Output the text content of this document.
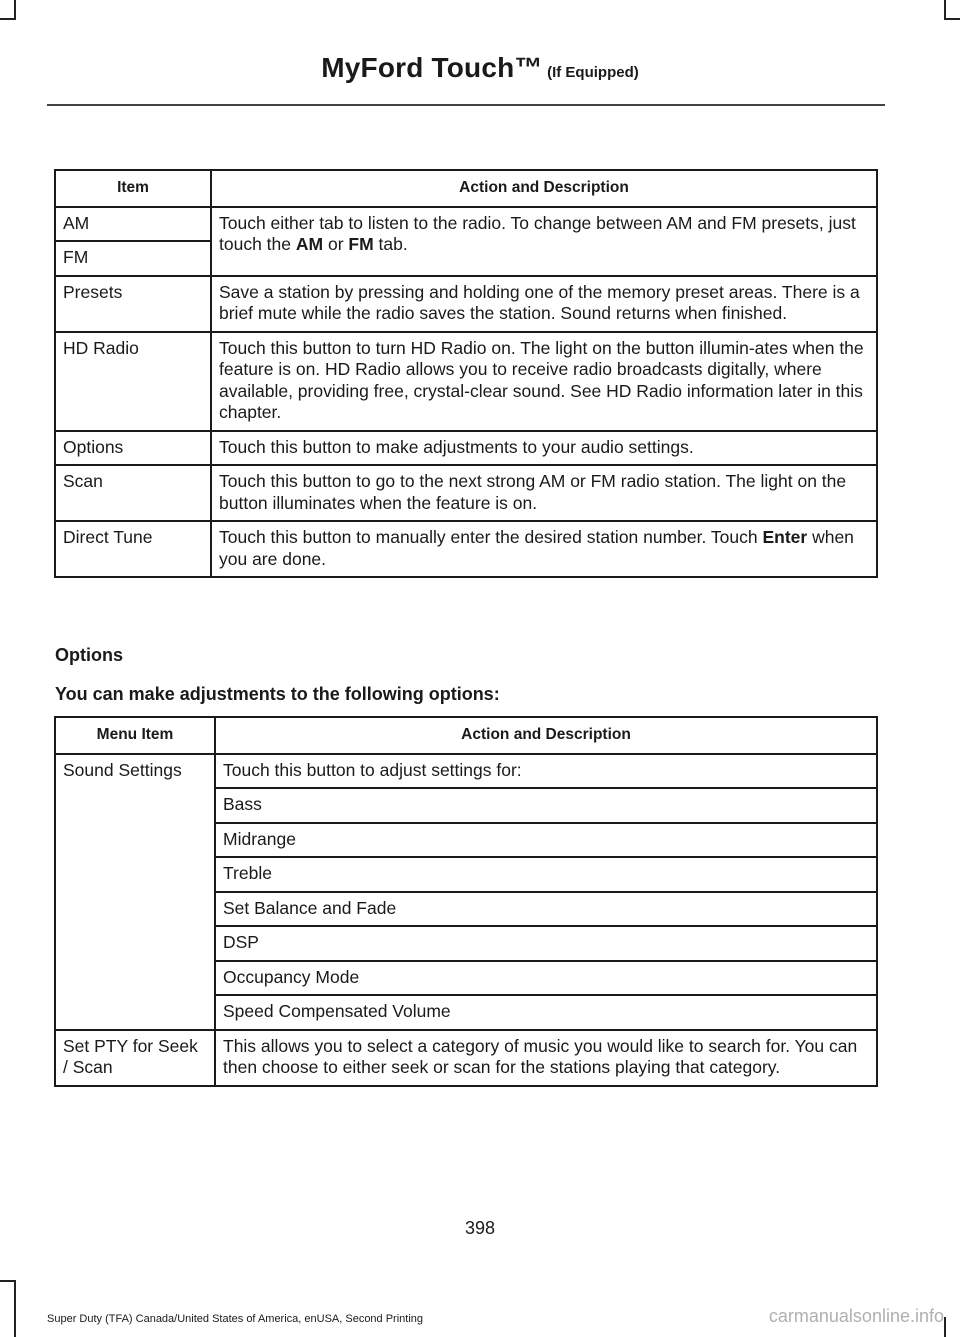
MyFord Touch™ (If Equipped)
Item	Action and Description
AM	Touch either tab to listen to the radio. To change between AM and FM presets, just touch the AM or FM tab.
FM	
Presets	Save a station by pressing and holding one of the memory preset areas. There is a brief mute while the radio saves the station. Sound returns when finished.
HD Radio	Touch this button to turn HD Radio on. The light on the button illumin-ates when the feature is on. HD Radio allows you to receive radio broadcasts digitally, where available, providing free, crystal-clear sound. See HD Radio information later in this chapter.
Options	Touch this button to make adjustments to your audio settings.
Scan	Touch this button to go to the next strong AM or FM radio station. The light on the button illuminates when the feature is on.
Direct Tune	Touch this button to manually enter the desired station number. Touch Enter when you are done.
Options
You can make adjustments to the following options:
Menu Item	Action and Description
Sound Settings	Touch this button to adjust settings for:
	Bass
	Midrange
	Treble
	Set Balance and Fade
	DSP
	Occupancy Mode
	Speed Compensated Volume
Set PTY for Seek / Scan	This allows you to select a category of music you would like to search for. You can then choose to either seek or scan for the stations playing that category.
398
Super Duty (TFA) Canada/United States of America, enUSA, Second Printing	carmanualsonline.info
